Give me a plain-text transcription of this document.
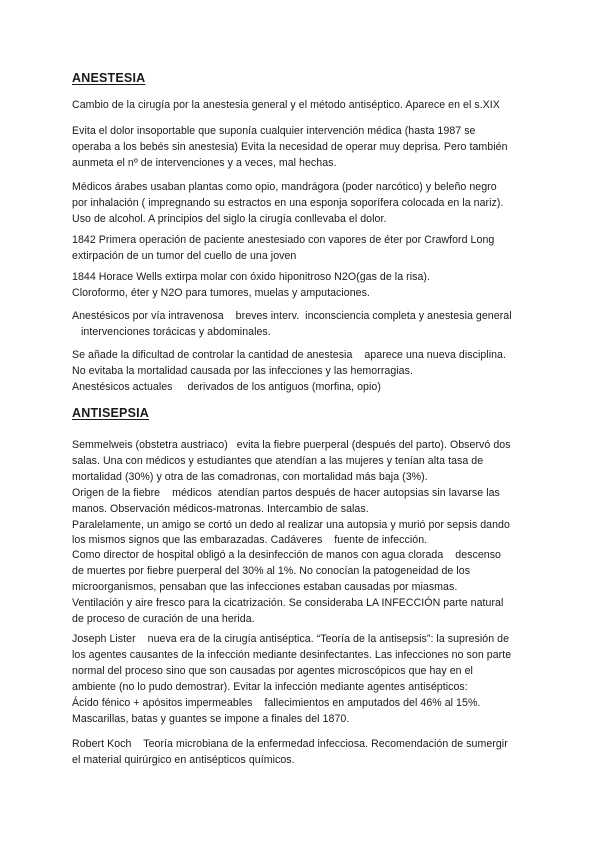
ANESTESIA

Cambio de la cirugía por la anestesia general y el método antiséptico. Aparece en el s.XIX

Evita el dolor insoportable que suponía cualquier intervención médica (hasta 1987 se
operaba a los bebés sin anestesia) Evita la necesidad de operar muy deprisa. Pero también
aunmeta el nº de intervenciones y a veces, mal hechas.

Médicos árabes usaban plantas como opio, mandrágora (poder narcótico) y beleño negro
por inhalación ( impregnando su estractos en una esponja soporífera colocada en la nariz).
Uso de alcohol. A principios del siglo la cirugía conllevaba el dolor.

1842 Primera operación de paciente anestesiado con vapores de éter por Crawford Long
extirpación de un tumor del cuello de una joven

1844 Horace Wells extirpa molar con óxido hiponitroso N2O(gas de la risa).
Cloroformo, éter y N2O para tumores, muelas y amputaciones.

Anestésicos por vía intravenosa    breves interv.  inconsciencia completa y anestesia general
intervenciones torácicas y abdominales.

Se añade la dificultad de controlar la cantidad de anestesia    aparece una nueva disciplina.
No evitaba la mortalidad causada por las infecciones y las hemorragias.
Anestésicos actuales     derivados de los antiguos (morfina, opio)

ANTISEPSIA

Semmelweis (obstetra austriaco)   evita la fiebre puerperal (después del parto). Observó dos
salas. Una con médicos y estudiantes que atendían a las mujeres y tenían alta tasa de
mortalidad (30%) y otra de las comadronas, con mortalidad más baja (3%).
Origen de la fiebre    médicos  atendían partos después de hacer autopsias sin lavarse las
manos. Observación médicos-matronas. Intercambio de salas.
Paralelamente, un amigo se cortó un dedo al realizar una autopsia y murió por sepsis dando
los mismos signos que las embarazadas. Cadáveres    fuente de infección.

Como director de hospital obligó a la desinfección de manos con agua clorada    descenso
de muertes por fiebre puerperal del 30% al 1%. No conocían la patogeneidad de los
microorganismos, pensaban que las infecciones estaban causadas por miasmas.
Ventilación y aire fresco para la cicatrización. Se consideraba LA INFECCIÓN parte natural
de proceso de curación de una herida.

Joseph Lister    nueva era de la cirugía antiséptica. “Teoría de la antisepsis”: la supresión de
los agentes causantes de la infección mediante desinfectantes. Las infecciones no son parte
normal del proceso sino que son causadas por agentes microscópicos que hay en el
ambiente (no lo pudo demostrar). Evitar la infección mediante agentes antisépticos:
Ácido fénico + apósitos impermeables    fallecimientos en amputados del 46% al 15%.
Mascarillas, batas y guantes se impone a finales del 1870.

Robert Koch    Teoría microbiana de la enfermedad infecciosa. Recomendación de sumergir
el material quirúrgico en antisépticos químicos.
